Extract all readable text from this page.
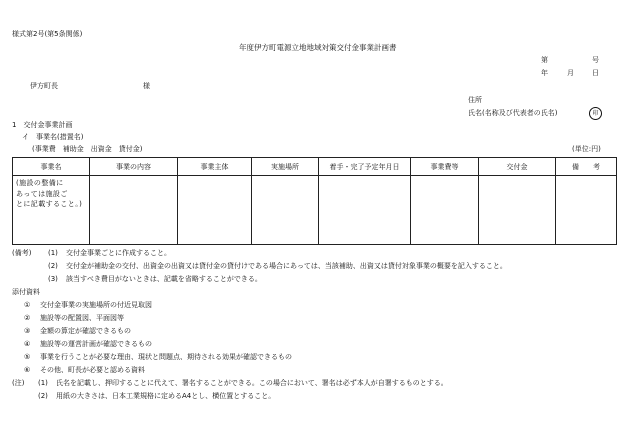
様式第2号(第5条関係)
年度伊方町電源立地地域対策交付金事業計画書
第	号
年	月	日
伊方町長	様
住所
氏名(名称及び代表者の氏名)	印
1　交付金事業計画
イ　事業名(措置名)
(事業費　補助金　出資金　貸付金)	(単位:円)
事業名	事業の内容	事業主体	実施場所	着手・完了予定年月日	事業費等	交付金	備　　考

(施設の整備に
あっては施設ご
とに記載すること。)							

(備考) (1) 交付金事業ごとに作成すること。
(2) 交付金が補助金の交付、出資金の出資又は貸付金の貸付けである場合にあっては、当該補助、出資又は貸付対象事業の概要を記入すること。
(3) 該当すべき費目がないときは、記載を省略することができる。
添付資料
① 交付金事業の実施場所の付近見取図
② 施設等の配置図、平面図等
③ 金額の算定が確認できるもの
④ 施設等の運営計画が確認できるもの
⑤ 事業を行うことが必要な理由、現状と問題点、期待される効果が確認できるもの
⑥ その他、町長が必要と認める資料
(注) (1) 氏名を記載し、押印することに代えて、署名することができる。この場合において、署名は必ず本人が自署するものとする。
(2) 用紙の大きさは、日本工業規格に定めるA4とし、横位置とすること。
